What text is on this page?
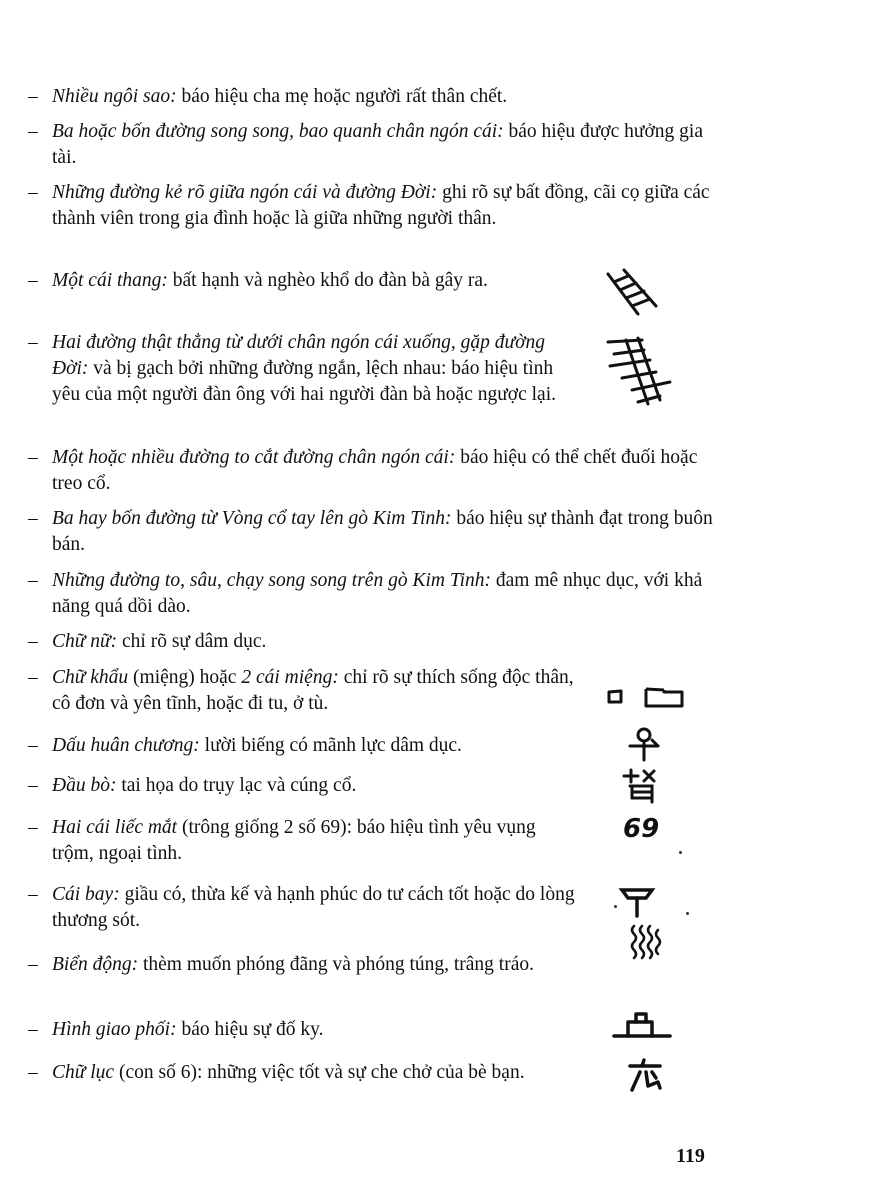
– Nhiều ngôi sao: báo hiệu cha mẹ hoặc người rất thân chết.
– Ba hoặc bốn đường song song, bao quanh chân ngón cái: báo hiệu được hưởng gia tài.
– Những đường kẻ rõ giữa ngón cái và đường Đời: ghi rõ sự bất đồng, cãi cọ giữa các thành viên trong gia đình hoặc là giữa những người thân.
– Một cái thang: bất hạnh và nghèo khổ do đàn bà gây ra.
– Hai đường thật thẳng từ dưới chân ngón cái xuống, gặp đường Đời: và bị gạch bởi những đường ngắn, lệch nhau: báo hiệu tình yêu của một người đàn ông với hai người đàn bà hoặc ngược lại.
– Một hoặc nhiều đường to cắt đường chân ngón cái: báo hiệu có thể chết đuối hoặc treo cổ.
– Ba hay bốn đường từ Vòng cổ tay lên gò Kim Tinh: báo hiệu sự thành đạt trong buôn bán.
– Những đường to, sâu, chạy song song trên gò Kim Tinh: đam mê nhục dục, với khả năng quá dồi dào.
– Chữ nữ: chỉ rõ sự dâm dục.
– Chữ khẩu (miệng) hoặc 2 cái miệng: chỉ rõ sự thích sống độc thân, cô đơn và yên tĩnh, hoặc đi tu, ở tù.
– Dấu huân chương: lười biếng có mãnh lực dâm dục.
– Đầu bò: tai họa do trụy lạc và cúng cổ.
– Hai cái liếc mắt (trông giống 2 số 69): báo hiệu tình yêu vụng trộm, ngoại tình.
– Cái bay: giầu có, thừa kế và hạnh phúc do tư cách tốt hoặc do lòng thương sót.
– Biển động: thèm muốn phóng đãng và phóng túng, trâng tráo.
– Hình giao phối: báo hiệu sự đố ky.
– Chữ lục (con số 6): những việc tốt và sự che chở của bè bạn.
69
119
